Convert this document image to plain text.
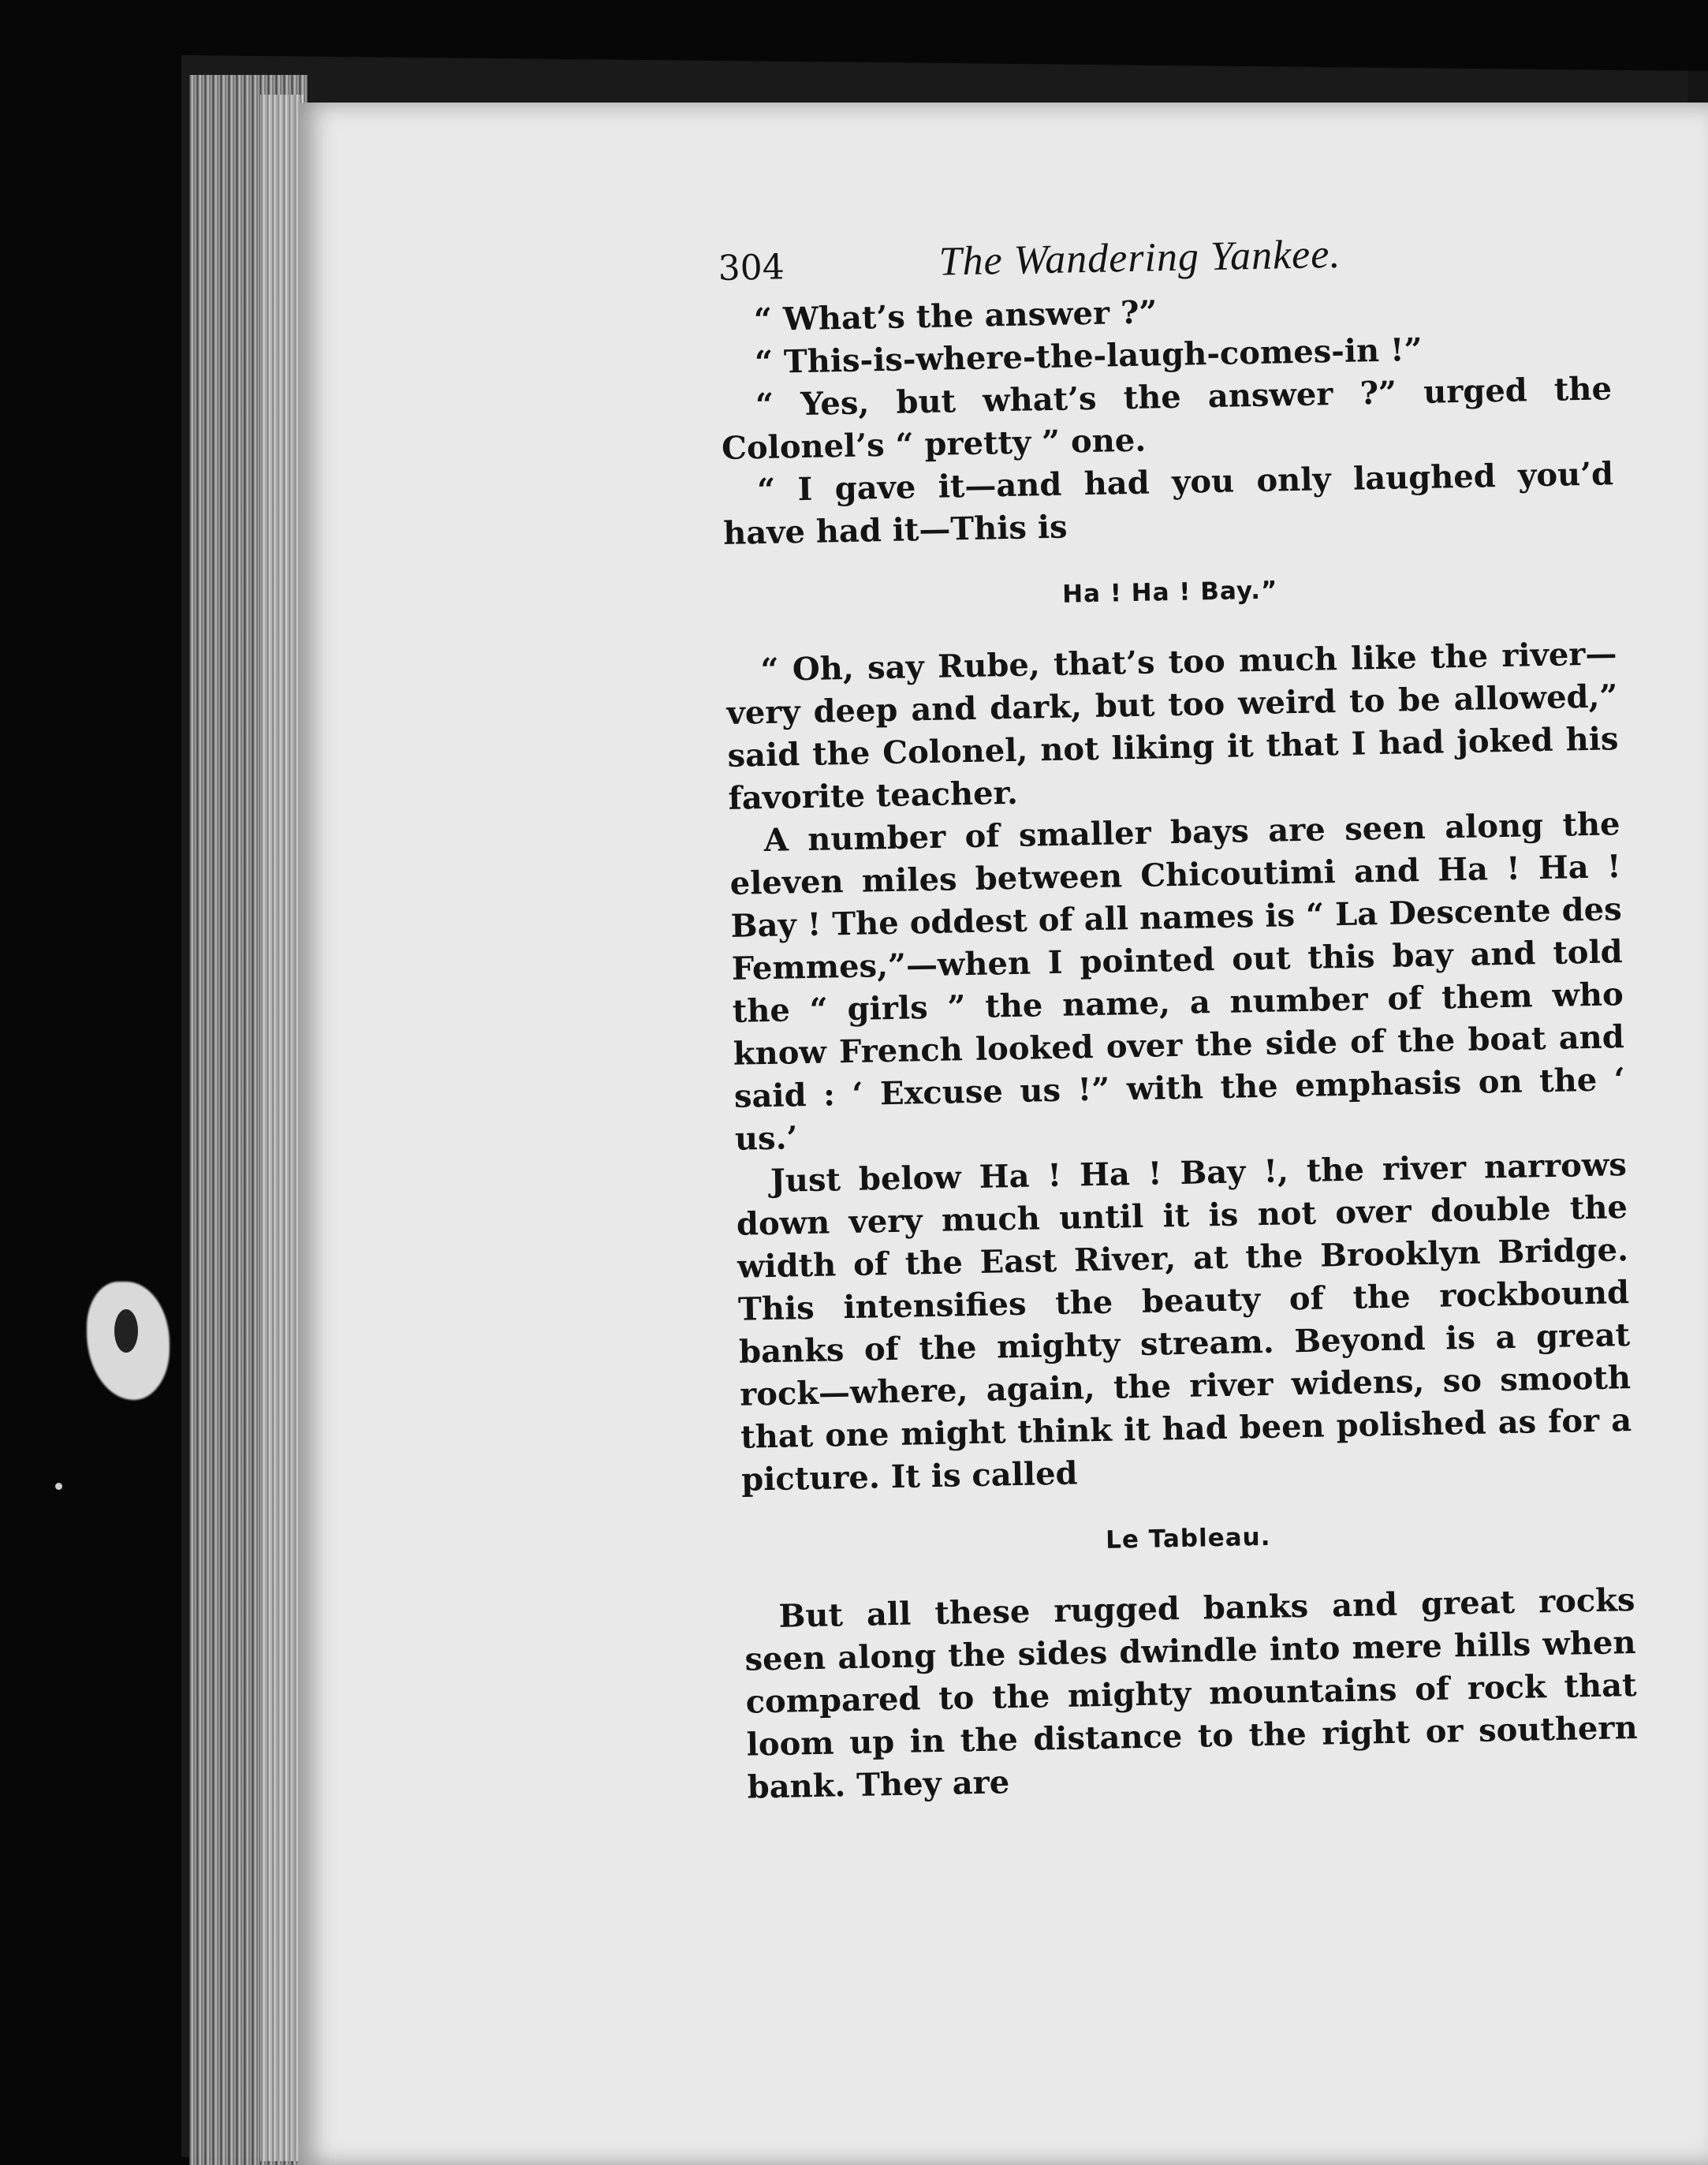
304	The Wandering Yankee.

“ What’s the answer ?”

“ This-is-where-the-laugh-comes-in !”

“ Yes, but what’s the answer ?” urged the Colonel’s “ pretty ” one.

“ I gave it—and had you only laughed you’d have had it—This is

Ha ! Ha ! Bay.”

“ Oh, say Rube, that’s too much like the river—very deep and dark, but too weird to be allowed,” said the Colonel, not liking it that I had joked his favorite teacher.

A number of smaller bays are seen along the eleven miles between Chicoutimi and Ha ! Ha ! Bay ! The oddest of all names is “ La Descente des Femmes,”—when I pointed out this bay and told the “ girls ” the name, a number of them who know French looked over the side of the boat and said : ‘ Excuse us !” with the emphasis on the ‘ us.’

Just below Ha ! Ha ! Bay !, the river narrows down very much until it is not over double the width of the East River, at the Brooklyn Bridge. This intensifies the beauty of the rockbound banks of the mighty stream. Beyond is a great rock—where, again, the river widens, so smooth that one might think it had been polished as for a picture. It is called

Le Tableau.

But all these rugged banks and great rocks seen along the sides dwindle into mere hills when compared to the mighty mountains of rock that loom up in the distance to the right or southern bank. They are
